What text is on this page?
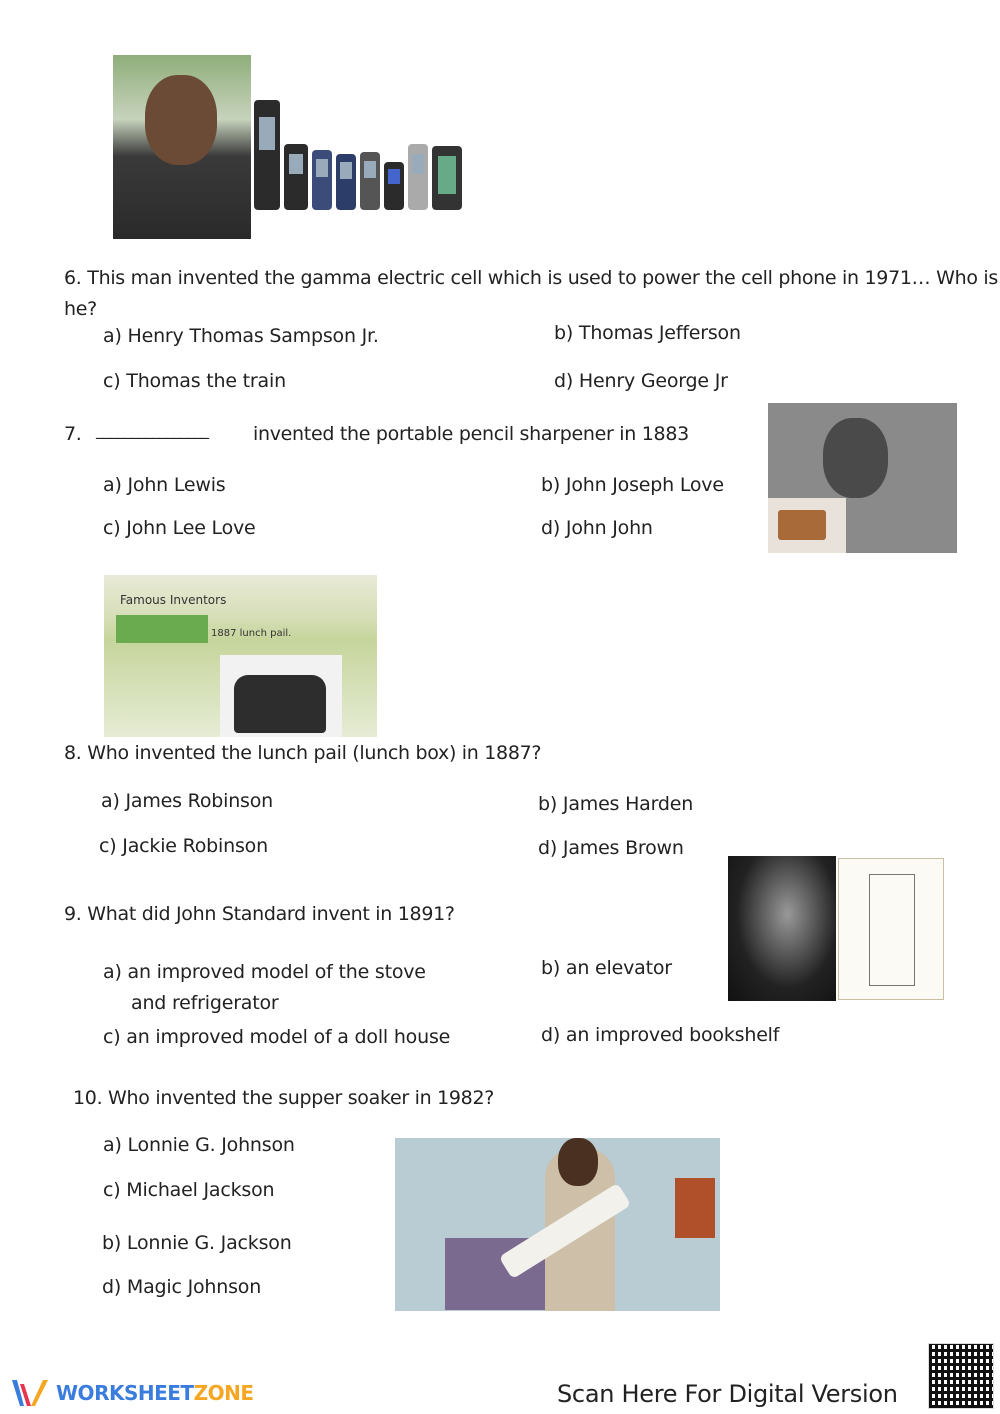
6. This man invented the gamma electric cell which is used to power the cell phone in 1971… Who is
he?
a) Henry Thomas Sampson Jr.	b) Thomas Jefferson
c) Thomas the train	d) Henry George Jr
7. ________________ invented the portable pencil sharpener in 1883
a) John Lewis	b) John Joseph Love
c) John Lee Love	d) John John
Famous Inventors
1887 lunch pail.
8. Who invented the lunch pail (lunch box) in 1887?
a) James Robinson	b) James Harden
c) Jackie Robinson	d) James Brown
9. What did John Standard invent in 1891?
a) an improved model of the stove
and refrigerator
b) an elevator
c) an improved model of a doll house	d) an improved bookshelf
10. Who invented the supper soaker in 1982?
a) Lonnie G. Johnson
c) Michael Jackson
b) Lonnie G. Jackson
d) Magic Johnson
WORKSHEET ZONE	Scan Here For Digital Version
